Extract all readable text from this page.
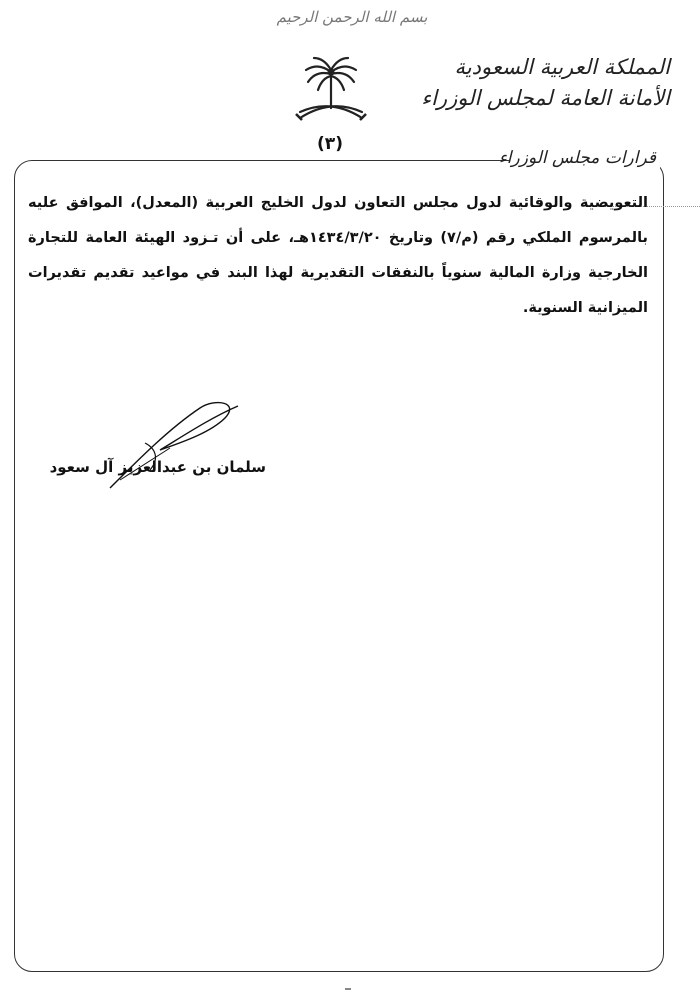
بسم الله الرحمن الرحيم
(٣)
المملكة العربية السعودية
الأمانة العامة لمجلس الوزراء
قرارات مجلس الوزراء

التعويضية والوقائية لدول مجلس التعاون لدول الخليج العربية (المعدل)، الموافق عليه بالمرسوم الملكي رقم (م/٧) وتاريخ ١٤٣٤/٣/٢٠هـ، على أن تـزود الهيئة العامة للتجارة الخارجية وزارة المالية سنوياً بالنفقات التقديرية لهذا البند في مواعيد تقديم تقديرات الميزانية السنوية.

سلمان بن عبدالعزيز آل سعود
